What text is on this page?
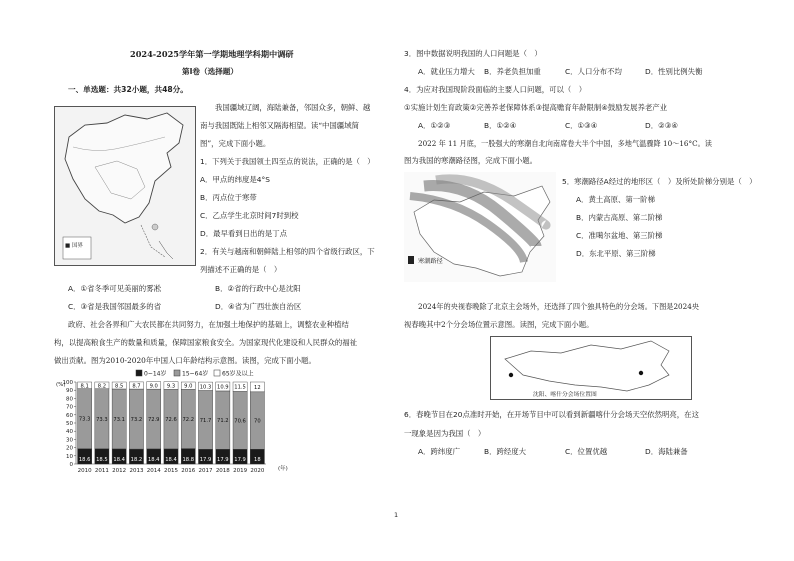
2024-2025学年第一学期地理学科期中调研
第Ⅰ卷（选择题）
一、单选题：共32小题，共48分。
■ 国界
我国疆域辽阔，海陆兼备，邻国众多，朝鲜、越
南与我国既陆上相邻又隔海相望。读“中国疆域简
图”，完成下面小题。
1．下列关于我国领土四至点的说法，正确的是（　）
A．甲点的纬度是4°S
B．丙点位于寒带
C．乙点学生北京时间7时到校
D．最早看到日出的是丁点
2．有关与越南和朝鲜陆上相邻的四个省级行政区，下
列描述不正确的是（　）
A．①省冬季可见美丽的雾凇	B．②省的行政中心是沈阳
C．③省是我国邻国最多的省	D．④省为广西壮族自治区
政府、社会各界和广大农民都在共同努力，在加强土地保护的基础上，调整农业种植结
构，以提高粮食生产的数量和质量，保障国家粮食安全。为国家现代化建设和人民群众的福祉
做出贡献。图为2010-2020年中国人口年龄结构示意图。读图，完成下面小题。
0~14岁	15~64岁 65岁及以上
(%)
0
10
20
30
40
50
60
70
80
90
100
2010 2011 2012 2013 2014 2015 2016 2017 2018 2019 2020 (年)
18.6
73.3
8.1
18.5
73.3
8.2
18.4
73.1
8.5
18.2
73.2
8.7
18.4
72.9
9.0
18.4
72.6
9.3
18.8
72.2
9.0
17.9
71.7
10.3
17.9
71.2
10.9
17.9
70.6
11.5
18
70
12
3．图中数据说明我国的人口问题是（　）
A．就业压力增大 B．养老负担加重	C．人口分布不均	D．性别比例失衡
4．为应对我国现阶段面临的主要人口问题，可以（　）
①实施计划生育政策②完善养老保障体系③提高赡育年龄限制④鼓励发展养老产业
A．①②③	B．①②④	C．①③④	D．②③④
2022 年 11 月底，一股强大的寒潮自北向南席卷大半个中国，多地气温骤降 10～16°C。读
图为我国的寒潮路径图，完成下面小题。
寒潮路径
5．寒潮路径A经过的地形区（　）及所处阶梯分别是（　）
A．黄土高原、第一阶梯
B．内蒙古高原、第二阶梯
C．准噶尔盆地、第三阶梯
D．东北平原、第三阶梯
2024年的央视春晚除了北京主会场外，还选择了四个独具特色的分会场。下图是2024央
视春晚其中2个分会场位置示意图。读图，完成下面小题。
沈阳、喀什分会场位置图
6．春晚节目在20点准时开始，在开场节目中可以看到新疆喀什分会场天空依然明亮，在这
一现象是因为我国（　）
A．跨纬度广	B．跨经度大	C．位置优越	D．海陆兼备
1
